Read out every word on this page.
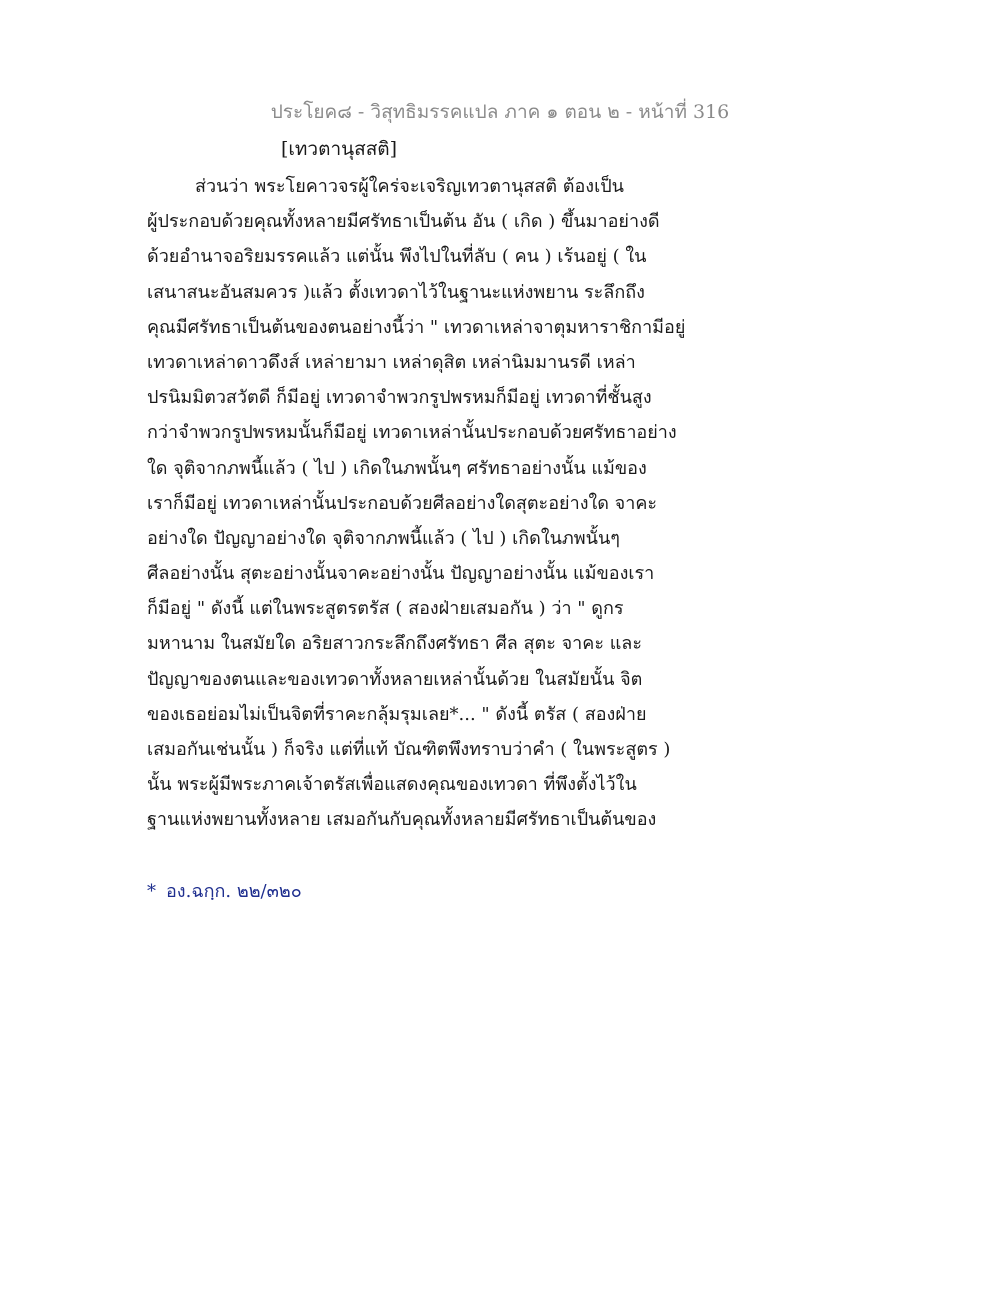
ประโยค๘ - วิสุทธิมรรคแปล ภาค ๑ ตอน ๒ - หน้าที่ 316
[เทวตานุสสติ]
ส่วนว่า พระโยคาวจรผู้ใคร่จะเจริญเทวตานุสสติ ต้องเป็น
ผู้ประกอบด้วยคุณทั้งหลายมีศรัทธาเป็นต้น อัน ( เกิด ) ขึ้นมาอย่างดี
ด้วยอำนาจอริยมรรคแล้ว แต่นั้น พึงไปในที่ลับ ( คน ) เร้นอยู่ ( ใน
เสนาสนะอันสมควร )แล้ว ตั้งเทวดาไว้ในฐานะแห่งพยาน ระลึกถึง
คุณมีศรัทธาเป็นต้นของตนอย่างนี้ว่า " เทวดาเหล่าจาตุมหาราชิกามีอยู่
เทวดาเหล่าดาวดึงส์ เหล่ายามา เหล่าดุสิต เหล่านิมมานรดี เหล่า
ปรนิมมิตวสวัตดี ก็มีอยู่ เทวดาจำพวกรูปพรหมก็มีอยู่ เทวดาที่ชั้นสูง
กว่าจำพวกรูปพรหมนั้นก็มีอยู่ เทวดาเหล่านั้นประกอบด้วยศรัทธาอย่าง
ใด จุติจากภพนี้แล้ว ( ไป ) เกิดในภพนั้นๆ ศรัทธาอย่างนั้น แม้ของ
เราก็มีอยู่ เทวดาเหล่านั้นประกอบด้วยศีลอย่างใดสุตะอย่างใด จาคะ
อย่างใด ปัญญาอย่างใด จุติจากภพนี้แล้ว ( ไป ) เกิดในภพนั้นๆ
ศีลอย่างนั้น สุตะอย่างนั้นจาคะอย่างนั้น ปัญญาอย่างนั้น แม้ของเรา
ก็มีอยู่ " ดังนี้ แต่ในพระสูตรตรัส ( สองฝ่ายเสมอกัน ) ว่า " ดูกร
มหานาม ในสมัยใด อริยสาวกระลึกถึงศรัทธา ศีล สุตะ จาคะ และ
ปัญญาของตนและของเทวดาทั้งหลายเหล่านั้นด้วย ในสมัยนั้น จิต
ของเธอย่อมไม่เป็นจิตที่ราคะกลุ้มรุมเลย*... " ดังนี้ ตรัส ( สองฝ่าย
เสมอกันเช่นนั้น ) ก็จริง แต่ที่แท้ บัณฑิตพึงทราบว่าคำ ( ในพระสูตร )
นั้น พระผู้มีพระภาคเจ้าตรัสเพื่อแสดงคุณของเทวดา ที่พึงตั้งไว้ใน
ฐานแห่งพยานทั้งหลาย เสมอกันกับคุณทั้งหลายมีศรัทธาเป็นต้นของ
* อง.ฉกฺก. ๒๒/๓๒๐
